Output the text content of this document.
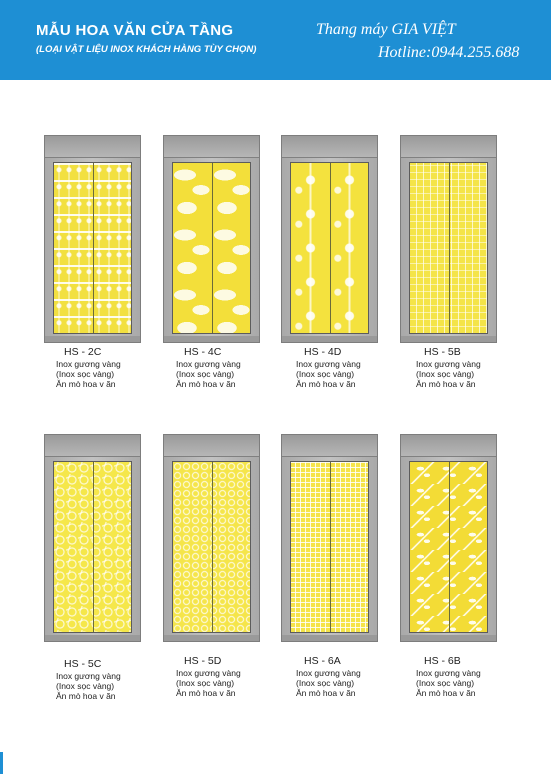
MẪU HOA VĂN CỬA TẦNG
(LOẠI VẬT LIỆU INOX KHÁCH HÀNG TÙY CHỌN)
Thang máy GIA VIỆT
Hotline:0944.255.688
HS - 2C
Inox gương vàng
(Inox sọc vàng)
Ăn mò hoa v ăn
HS - 4C
Inox gương vàng
(Inox sọc vàng)
Ăn mò hoa v ăn
HS - 4D
Inox gương vàng
(Inox sọc vàng)
Ăn mò hoa v ăn
HS - 5B
Inox gương vàng
(Inox sọc vàng)
Ăn mò hoa v ăn
HS - 5C
Inox gương vàng
(Inox sọc vàng)
Ăn mò hoa v ăn
HS - 5D
Inox gương vàng
(Inox sọc vàng)
Ăn mò hoa v ăn
HS - 6A
Inox gương vàng
(Inox sọc vàng)
Ăn mò hoa v ăn
HS - 6B
Inox gương vàng
(Inox sọc vàng)
Ăn mò hoa v ăn
